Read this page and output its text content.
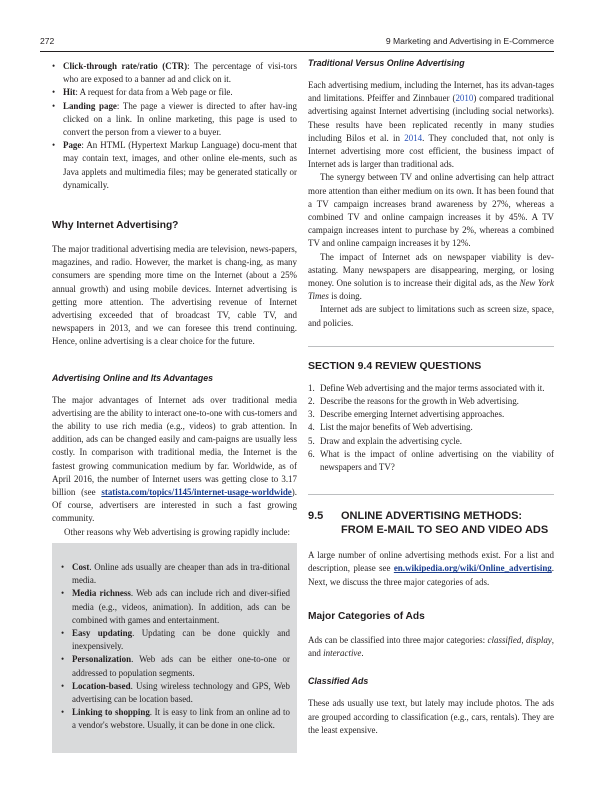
272	9 Marketing and Advertising in E-Commerce
• Click-through rate/ratio (CTR): The percentage of visi-tors who are exposed to a banner ad and click on it.
• Hit: A request for data from a Web page or file.
• Landing page: The page a viewer is directed to after hav-ing clicked on a link. In online marketing, this page is used to convert the person from a viewer to a buyer.
• Page: An HTML (Hypertext Markup Language) docu-ment that may contain text, images, and other online ele-ments, such as Java applets and multimedia files; may be generated statically or dynamically.
Why Internet Advertising?

The major traditional advertising media are television, news-papers, magazines, and radio. However, the market is chang-ing, as many consumers are spending more time on the Internet (about a 25% annual growth) and using mobile devices. Internet advertising is getting more attention. The advertising revenue of Internet advertising exceeded that of broadcast TV, cable TV, and newspapers in 2013, and we can foresee this trend continuing. Hence, online advertising is a clear choice for the future.

Advertising Online and Its Advantages

The major advantages of Internet ads over traditional media advertising are the ability to interact one-to-one with cus-tomers and the ability to use rich media (e.g., videos) to grab attention. In addition, ads can be changed easily and cam-paigns are usually less costly. In comparison with traditional media, the Internet is the fastest growing communication medium by far. Worldwide, as of April 2016, the number of Internet users was getting close to 3.17 billion (see statista.com/topics/1145/internet-usage-worldwide). Of course, advertisers are interested in such a fast growing community.

Other reasons why Web advertising is growing rapidly include:

• Cost. Online ads usually are cheaper than ads in tra-ditional media.
• Media richness. Web ads can include rich and diver-sified media (e.g., videos, animation). In addition, ads can be combined with games and entertainment.
• Easy updating. Updating can be done quickly and inexpensively.
• Personalization. Web ads can be either one-to-one or addressed to population segments.
• Location-based. Using wireless technology and GPS, Web advertising can be location based.
• Linking to shopping. It is easy to link from an online ad to a vendor's webstore. Usually, it can be done in one click.
Traditional Versus Online Advertising

Each advertising medium, including the Internet, has its advan-tages and limitations. Pfeiffer and Zinnbauer (2010) compared traditional advertising against Internet advertising (including social networks). These results have been replicated recently in many studies including Bilos et al. in 2014. They concluded that, not only is Internet advertising more cost efficient, the business impact of Internet ads is larger than traditional ads.

The synergy between TV and online advertising can help attract more attention than either medium on its own. It has been found that a TV campaign increases brand awareness by 27%, whereas a combined TV and online campaign increases it by 45%. A TV campaign increases intent to purchase by 2%, whereas a combined TV and online campaign increases it by 12%.

The impact of Internet ads on newspaper viability is dev-astating. Many newspapers are disappearing, merging, or losing money. One solution is to increase their digital ads, as the New York Times is doing.

Internet ads are subject to limitations such as screen size, space, and policies.

SECTION 9.4 REVIEW QUESTIONS
1. Define Web advertising and the major terms associated with it.
2. Describe the reasons for the growth in Web advertising.
3. Describe emerging Internet advertising approaches.
4. List the major benefits of Web advertising.
5. Draw and explain the advertising cycle.
6. What is the impact of online advertising on the viability of newspapers and TV?
9.5	ONLINE ADVERTISING METHODS:
FROM E-MAIL TO SEO AND VIDEO ADS

A large number of online advertising methods exist. For a list and description, please see en.wikipedia.org/wiki/Online_advertising. Next, we discuss the three major categories of ads.

Major Categories of Ads

Ads can be classified into three major categories: classified, display, and interactive.

Classified Ads

These ads usually use text, but lately may include photos. The ads are grouped according to classification (e.g., cars, rentals). They are the least expensive.
